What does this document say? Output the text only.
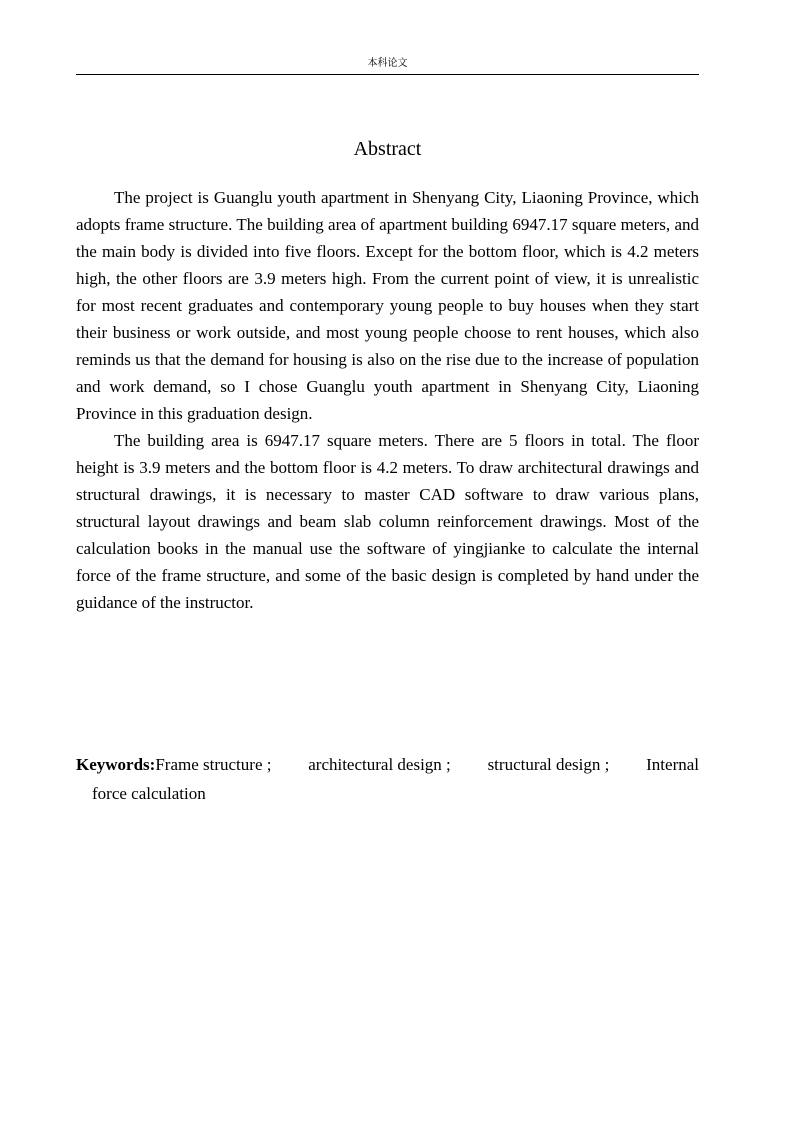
本科论文
Abstract

The project is Guanglu youth apartment in Shenyang City, Liaoning Province, which adopts frame structure. The building area of apartment building 6947.17 square meters, and the main body is divided into five floors. Except for the bottom floor, which is 4.2 meters high, the other floors are 3.9 meters high. From the current point of view, it is unrealistic for most recent graduates and contemporary young people to buy houses when they start their business or work outside, and most young people choose to rent houses, which also reminds us that the demand for housing is also on the rise due to the increase of population and work demand, so I chose Guanglu youth apartment in Shenyang City, Liaoning Province in this graduation design.

The building area is 6947.17 square meters. There are 5 floors in total. The floor height is 3.9 meters and the bottom floor is 4.2 meters. To draw architectural drawings and structural drawings, it is necessary to master CAD software to draw various plans, structural layout drawings and beam slab column reinforcement drawings. Most of the calculation books in the manual use the software of yingjianke to calculate the internal force of the frame structure, and some of the basic design is completed by hand under the guidance of the instructor.

Keywords:Frame structure ; architectural design ; structural design ; Internal
force calculation
